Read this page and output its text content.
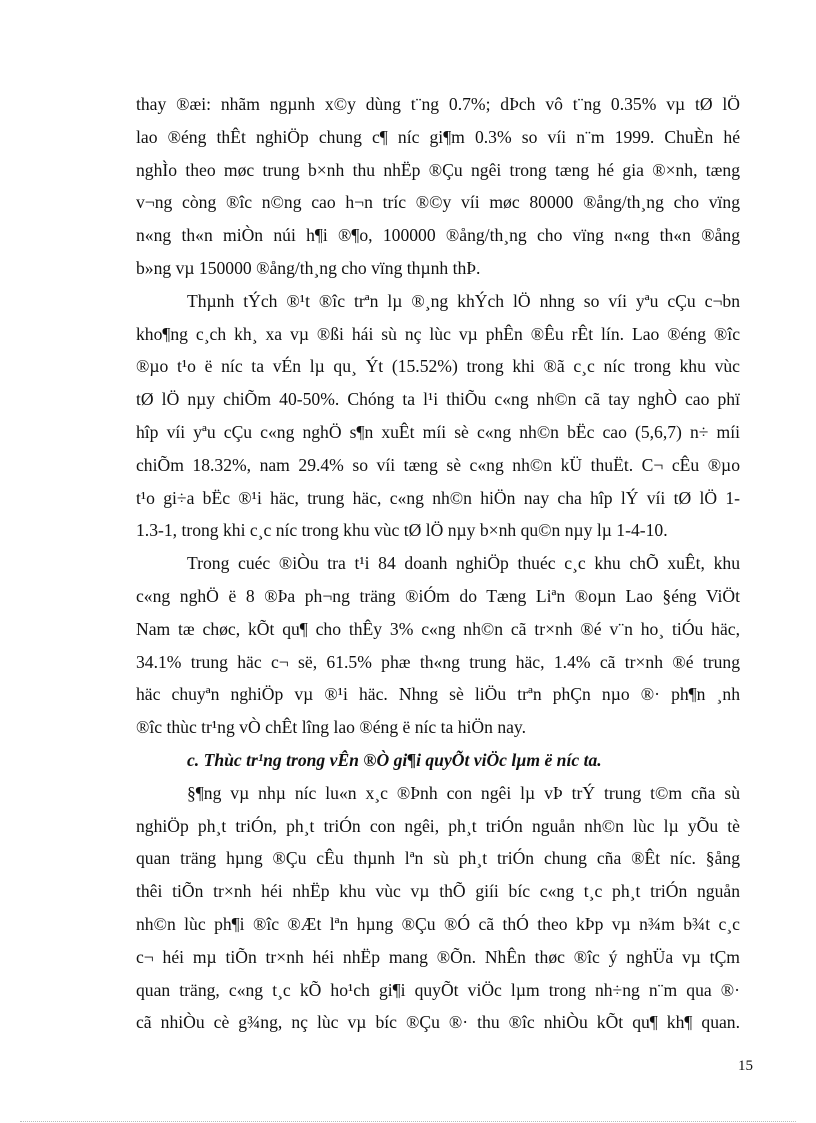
thay ®æi: nhãm ngµnh x©y dùng t¨ng 0.7%; dÞch vô t¨ng 0.35% vµ tØ lÖ
lao ®éng thÊt nghiÖp chung c¶ níc gi¶m 0.3% so víi n¨m 1999. ChuÈn hé
nghÌo theo møc trung b×nh thu nhËp ®Çu ngêi trong tæng hé gia ®×nh, tæng
v¬ng còng ®îc n©ng cao h¬n tríc ®©y víi møc 80000 ®ång/th¸ng cho vïng
n«ng th«n miÒn núi h¶i ®¶o, 100000 ®ång/th¸ng cho vïng n«ng th«n ®ång
b»ng vµ 150000 ®ång/th¸ng cho vïng thµnh thÞ.
Thµnh tÝch ®¹t ®îc trªn lµ ®¸ng khÝch lÖ nhng so víi yªu cÇu c¬bn
kho¶ng c¸ch kh¸ xa vµ ®ßi hái sù nç lùc vµ phÊn ®Êu rÊt lín. Lao ®éng ®îc
®µo t¹o ë níc ta vÉn lµ qu¸ Ýt (15.52%) trong khi ®ã c¸c níc trong khu vùc
tØ lÖ nµy chiÕm 40-50%. Chóng ta l¹i thiÕu c«ng nh©n cã tay nghÒ cao phï
hîp víi yªu cÇu c«ng nghÖ s¶n xuÊt míi sè c«ng nh©n bËc cao (5,6,7) n÷ míi
chiÕm 18.32%, nam 29.4% so víi tæng sè c«ng nh©n kÜ thuËt. C¬ cÊu ®µo
t¹o gi÷a bËc ®¹i häc, trung häc, c«ng nh©n hiÖn nay cha hîp lÝ víi tØ lÖ 1-
1.3-1, trong khi c¸c níc trong khu vùc tØ lÖ nµy b×nh qu©n nµy lµ 1-4-10.
Trong cuéc ®iÒu tra t¹i 84 doanh nghiÖp thuéc c¸c khu chÕ xuÊt, khu
c«ng nghÖ ë 8 ®Þa ph¬ng träng ®iÓm do Tæng Liªn ®oµn Lao §éng ViÖt
Nam tæ chøc, kÕt qu¶ cho thÊy 3% c«ng nh©n cã tr×nh ®é v¨n ho¸ tiÓu häc,
34.1% trung häc c¬ së, 61.5% phæ th«ng trung häc, 1.4% cã tr×nh ®é trung
häc chuyªn nghiÖp vµ ®¹i häc. Nhng sè liÖu trªn phÇn nµo ®· ph¶n ¸nh
®îc thùc tr¹ng vÒ chÊt lîng lao ®éng ë níc ta hiÖn nay.
c. Thùc tr¹ng trong vÊn ®Ò gi¶i quyÕt viÖc lµm ë níc ta.
§¶ng vµ nhµ níc lu«n x¸c ®Þnh con ngêi lµ vÞ trÝ trung t©m cña sù
nghiÖp ph¸t triÓn, ph¸t triÓn con ngêi, ph¸t triÓn nguån nh©n lùc lµ yÕu tè
quan träng hµng ®Çu cÊu thµnh lªn sù ph¸t triÓn chung cña ®Êt níc. §ång
thêi tiÕn tr×nh héi nhËp khu vùc vµ thÕ giíi bíc c«ng t¸c ph¸t triÓn nguån
nh©n lùc ph¶i ®îc ®Æt lªn hµng ®Çu ®Ó cã thÓ theo kÞp vµ n¾m b¾t c¸c
c¬ héi mµ tiÕn tr×nh héi nhËp mang ®Õn. NhÊn thøc ®îc ý nghÜa vµ tÇm
quan träng, c«ng t¸c kÕ ho¹ch gi¶i quyÕt viÖc lµm trong nh÷ng n¨m qua ®·
cã nhiÒu cè g¾ng, nç lùc vµ bíc ®Çu ®· thu ®îc nhiÒu kÕt qu¶ kh¶ quan.
15
